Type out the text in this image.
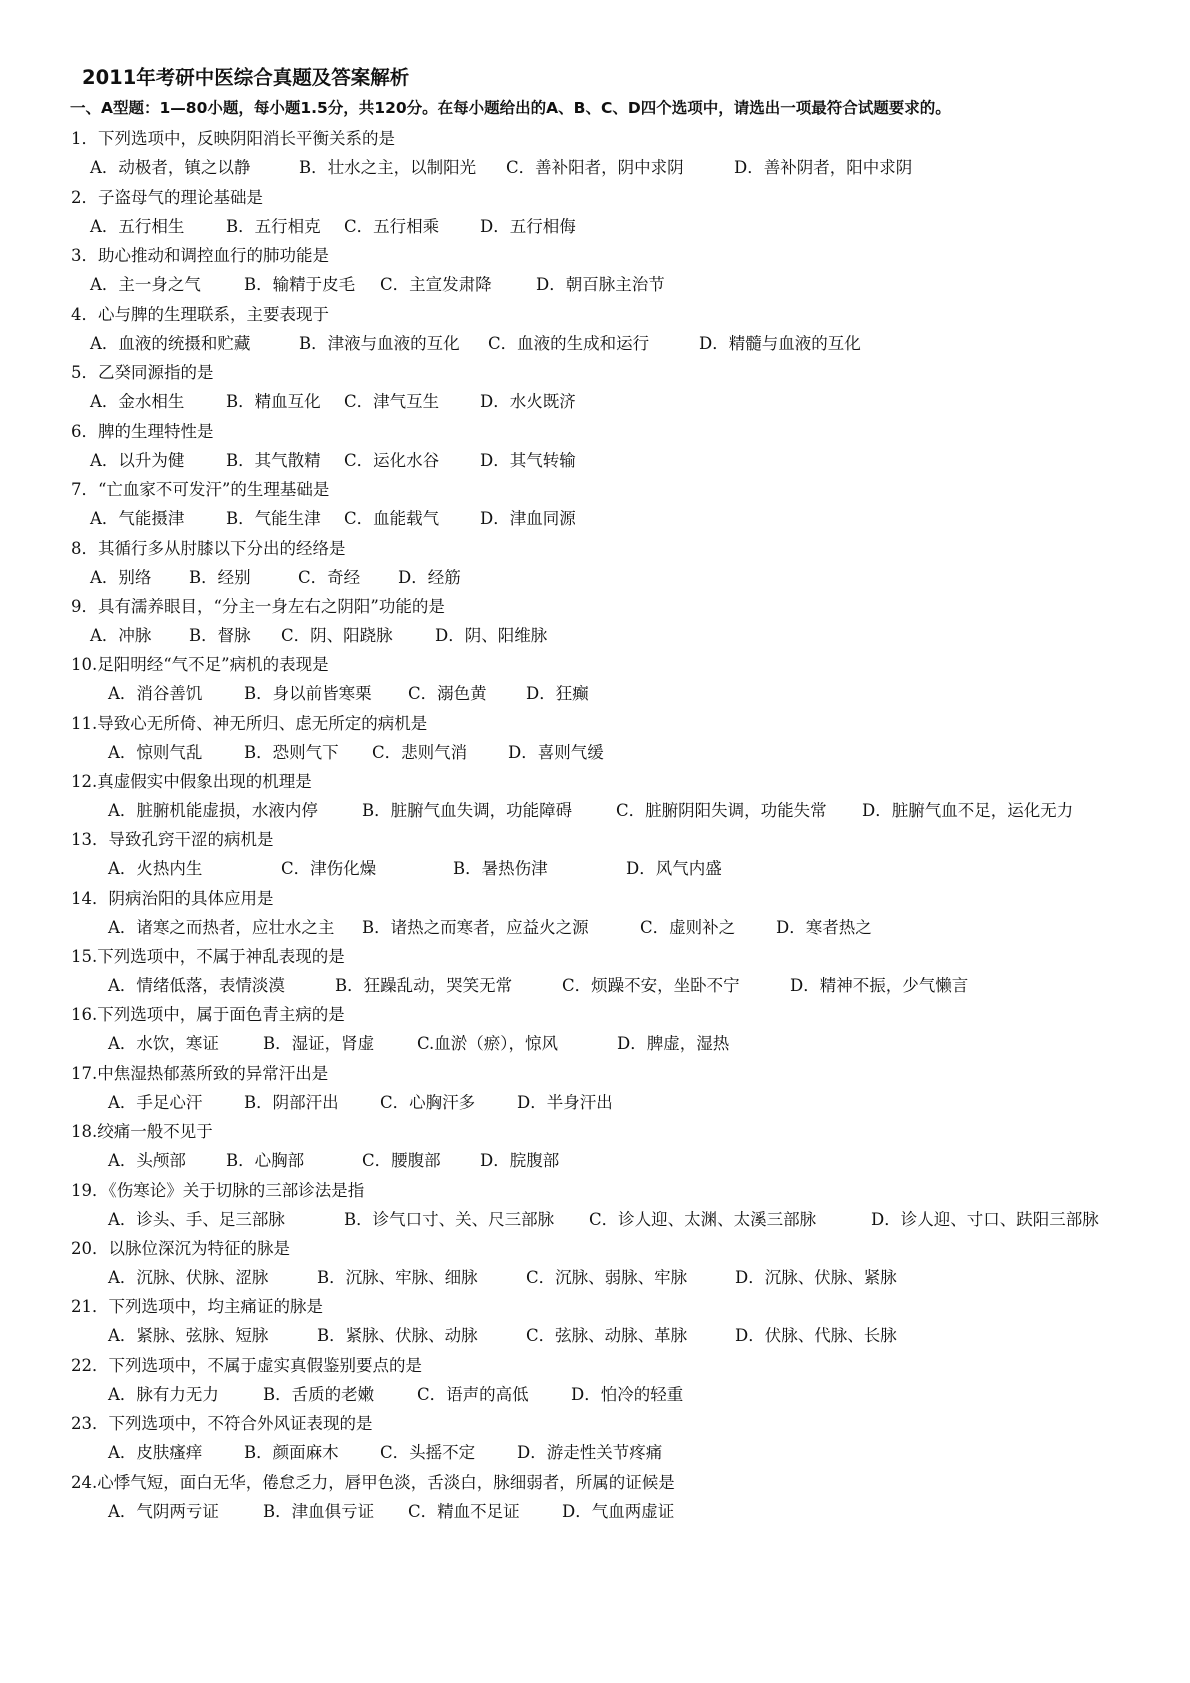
2011年考研中医综合真题及答案解析
一、A型题：1—80小题，每小题1.5分，共120分。在每小题给出的A、B、C、D四个选项中，请选出一项最符合试题要求的。
1．下列选项中，反映阴阳消长平衡关系的是
A．动极者，镇之以静	B．壮水之主，以制阳光 C．善补阳者，阴中求阴	D．善补阴者，阳中求阴
2．子盗母气的理论基础是
A．五行相生	B．五行相克 C．五行相乘 D．五行相侮
3．助心推动和调控血行的肺功能是
A．主一身之气	B．输精于皮毛 C．主宣发肃降	D．朝百脉主治节
4．心与脾的生理联系，主要表现于
A．血液的统摄和贮藏	B．津液与血液的互化 C．血液的生成和运行	D．精髓与血液的互化
5．乙癸同源指的是
A．金水相生	B．精血互化 C．津气互生 D．水火既济
6．脾的生理特性是
A．以升为健	B．其气散精 C．运化水谷 D．其气转输
7．“亡血家不可发汗”的生理基础是
A．气能摄津	B．气能生津 C．血能载气 D．津血同源
8．其循行多从肘膝以下分出的经络是
A．别络 B．经别	C．奇经 D．经筋
9．具有濡养眼目，“分主一身左右之阴阳”功能的是
A．冲脉 B．督脉 C．阴、阳跷脉	D．阴、阳维脉
10.足阳明经“气不足”病机的表现是
A．消谷善饥	B．身以前皆寒栗 C．溺色黄 D．狂癫
11.导致心无所倚、神无所归、虑无所定的病机是
A．惊则气乱	B．恐则气下 C．悲则气消 D．喜则气缓
12.真虚假实中假象出现的机理是
A．脏腑机能虚损，水液内停	B．脏腑气血失调，功能障碍	C．脏腑阴阳失调，功能失常 D．脏腑气血不足，运化无力
13．导致孔窍干涩的病机是
A．火热内生	C．津伤化燥	B．暑热伤津	D．风气内盛
14．阴病治阳的具体应用是
A．诸寒之而热者，应壮水之主 B．诸热之而寒者，应益火之源	C．虚则补之 D．寒者热之
15.下列选项中，不属于神乱表现的是
A．情绪低落，表情淡漠	B．狂躁乱动，哭笑无常	C．烦躁不安，坐卧不宁	D．精神不振，少气懒言
16.下列选项中，属于面色青主病的是
A．水饮，寒证	B．湿证，肾虚	C.血淤（瘀），惊风	D．脾虚，湿热
17.中焦湿热郁蒸所致的异常汗出是
A．手足心汗	B．阴部汗出	C．心胸汗多	D．半身汗出
18.绞痛一般不见于
A．头颅部 B．心胸部	C．腰腹部 D．脘腹部
19．《伤寒论》关于切脉的三部诊法是指
A．诊头、手、足三部脉	B．诊气口寸、关、尺三部脉 C．诊人迎、太渊、太溪三部脉	D．诊人迎、寸口、趺阳三部脉
20．以脉位深沉为特征的脉是
A．沉脉、伏脉、涩脉	B．沉脉、牢脉、细脉	C．沉脉、弱脉、牢脉	D．沉脉、伏脉、紧脉
21．下列选项中，均主痛证的脉是
A．紧脉、弦脉、短脉	B．紧脉、伏脉、动脉	C．弦脉、动脉、革脉	D．伏脉、代脉、长脉
22．下列选项中，不属于虚实真假鉴别要点的是
A．脉有力无力	B．舌质的老嫩	C．语声的高低	D．怕冷的轻重
23．下列选项中，不符合外风证表现的是
A．皮肤瘙痒	B．颜面麻木	C．头摇不定	D．游走性关节疼痛
24.心悸气短，面白无华，倦怠乏力，唇甲色淡，舌淡白，脉细弱者，所属的证候是
A．气阴两亏证	B．津血俱亏证 C．精血不足证	D．气血两虚证
